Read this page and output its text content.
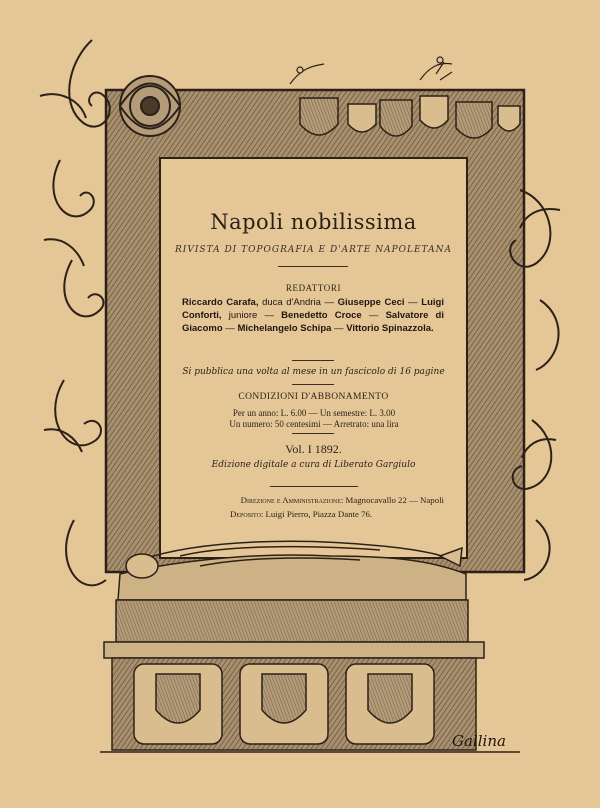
Napoli nobilissima
RIVISTA DI TOPOGRAFIA E D'ARTE NAPOLETANA
REDATTORI
Riccardo Carafa, duca d'Andria — Giuseppe Ceci — Luigi Conforti, juniore — Benedetto Croce — Salvatore di Giacomo — Michelangelo Schipa — Vittorio Spinazzola.
Si pubblica una volta al mese in un fascicolo di 16 pagine
CONDIZIONI D'ABBONAMENTO
Per un anno: L. 6.00 — Un semestre: L. 3.00
Un numero: 50 centesimi — Arretrato: una lira
Vol. I 1892.
Edizione digitale a cura di Liberato Gargiulo
Direzione e Amministrazione: Magnocavallo 22 — Napoli
Deposito: Luigi Pierro, Piazza Dante 76.
Gallina
